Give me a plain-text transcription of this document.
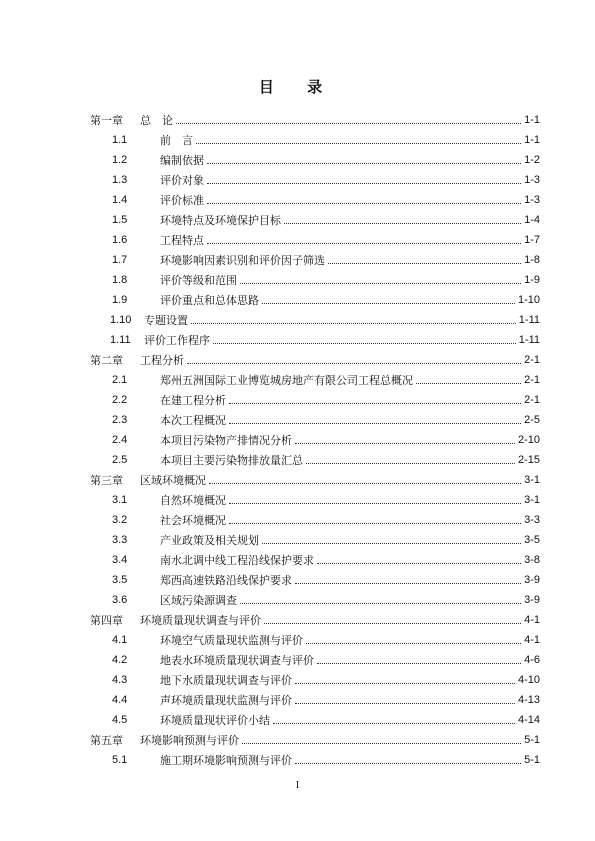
目 录
第一章	总　论	1-1
1.1	前　言	1-1
1.2	编制依据	1-2
1.3	评价对象	1-3
1.4	评价标准	1-3
1.5	环境特点及环境保护目标	1-4
1.6	工程特点	1-7
1.7	环境影响因素识别和评价因子筛选	1-8
1.8	评价等级和范围	1-9
1.9	评价重点和总体思路	1-10
1.10	专题设置	1-11
1.11	评价工作程序	1-11
第二章	工程分析	2-1
2.1	郑州五洲国际工业博览城房地产有限公司工程总概况	2-1
2.2	在建工程分析	2-1
2.3	本次工程概况	2-5
2.4	本项目污染物产排情况分析	2-10
2.5	本项目主要污染物排放量汇总	2-15
第三章	区域环境概况	3-1
3.1	自然环境概况	3-1
3.2	社会环境概况	3-3
3.3	产业政策及相关规划	3-5
3.4	南水北调中线工程沿线保护要求	3-8
3.5	郑西高速铁路沿线保护要求	3-9
3.6	区域污染源调查	3-9
第四章	环境质量现状调查与评价	4-1
4.1	环境空气质量现状监测与评价	4-1
4.2	地表水环境质量现状调查与评价	4-6
4.3	地下水质量现状调查与评价	4-10
4.4	声环境质量现状监测与评价	4-13
4.5	环境质量现状评价小结	4-14
第五章	环境影响预测与评价	5-1
5.1	施工期环境影响预测与评价	5-1
I
